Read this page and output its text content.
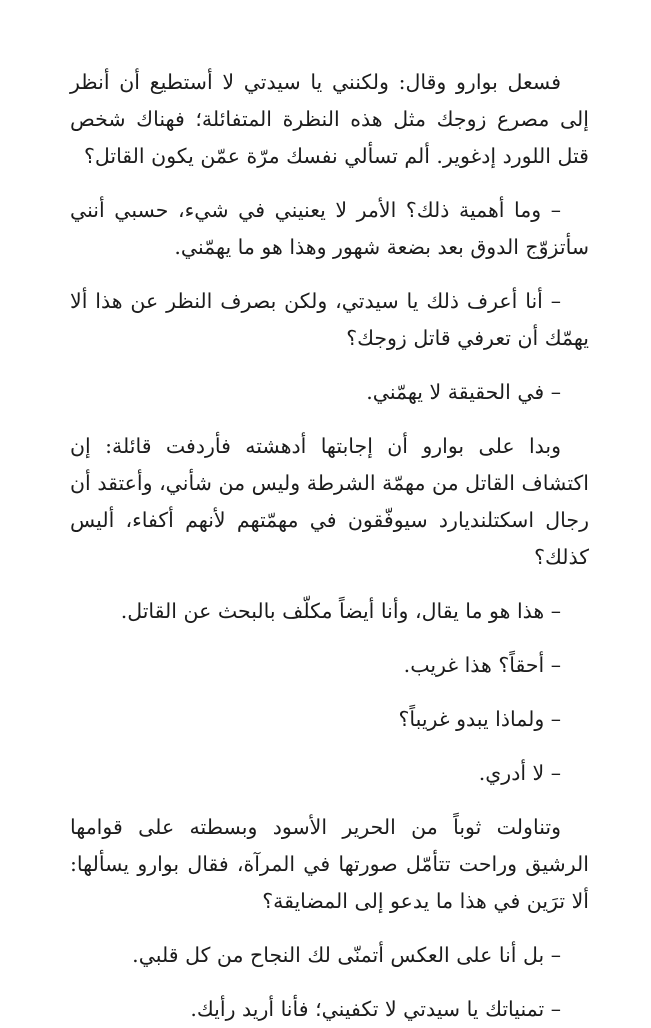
فسعل بوارو وقال: ولكنني يا سيدتي لا أستطيع أن أنظر إلى مصرع زوجك مثل هذه النظرة المتفائلة؛ فهناك شخص قتل اللورد إدغوير. ألم تسألي نفسك مرّة عمّن يكون القاتل؟

– وما أهمية ذلك؟ الأمر لا يعنيني في شيء، حسبي أنني سأتزوّج الدوق بعد بضعة شهور وهذا هو ما يهمّني.

– أنا أعرف ذلك يا سيدتي، ولكن بصرف النظر عن هذا ألا يهمّك أن تعرفي قاتل زوجك؟

– في الحقيقة لا يهمّني.

وبدا على بوارو أن إجابتها أدهشته فأردفت قائلة: إن اكتشاف القاتل من مهمّة الشرطة وليس من شأني، وأعتقد أن رجال اسكتلنديارد سيوفّقون في مهمّتهم لأنهم أكفاء، أليس كذلك؟

– هذا هو ما يقال، وأنا أيضاً مكلّف بالبحث عن القاتل.

– أحقاً؟ هذا غريب.

– ولماذا يبدو غريباً؟

– لا أدري.

وتناولت ثوباً من الحرير الأسود وبسطته على قوامها الرشيق وراحت تتأمّل صورتها في المرآة، فقال بوارو يسألها: ألا ترَين في هذا ما يدعو إلى المضايقة؟

– بل أنا على العكس أتمنّى لك النجاح من كل قلبي.

– تمنياتك يا سيدتي لا تكفيني؛ فأنا أريد رأيك.
